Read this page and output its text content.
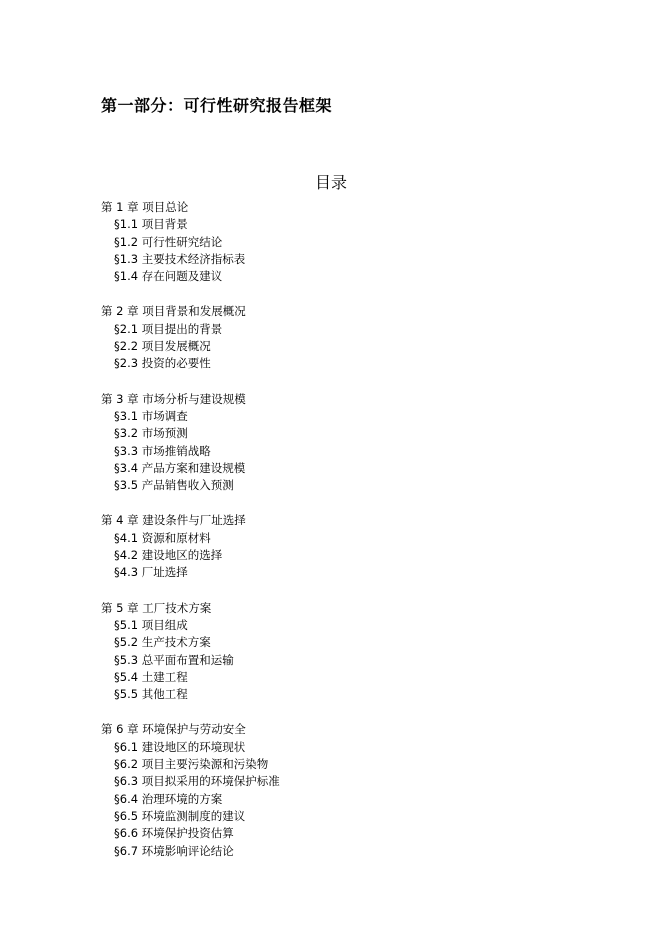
第一部分：可行性研究报告框架
目录
第 1 章 项目总论
§1.1 项目背景
§1.2 可行性研究结论
§1.3 主要技术经济指标表
§1.4 存在问题及建议
第 2 章 项目背景和发展概况
§2.1 项目提出的背景
§2.2 项目发展概况
§2.3 投资的必要性
第 3 章 市场分析与建设规模
§3.1 市场调查
§3.2 市场预测
§3.3 市场推销战略
§3.4 产品方案和建设规模
§3.5 产品销售收入预测
第 4 章 建设条件与厂址选择
§4.1 资源和原材料
§4.2 建设地区的选择
§4.3 厂址选择
第 5 章 工厂技术方案
§5.1 项目组成
§5.2 生产技术方案
§5.3 总平面布置和运输
§5.4 土建工程
§5.5 其他工程
第 6 章 环境保护与劳动安全
§6.1 建设地区的环境现状
§6.2 项目主要污染源和污染物
§6.3 项目拟采用的环境保护标准
§6.4 治理环境的方案
§6.5 环境监测制度的建议
§6.6 环境保护投资估算
§6.7 环境影响评论结论
